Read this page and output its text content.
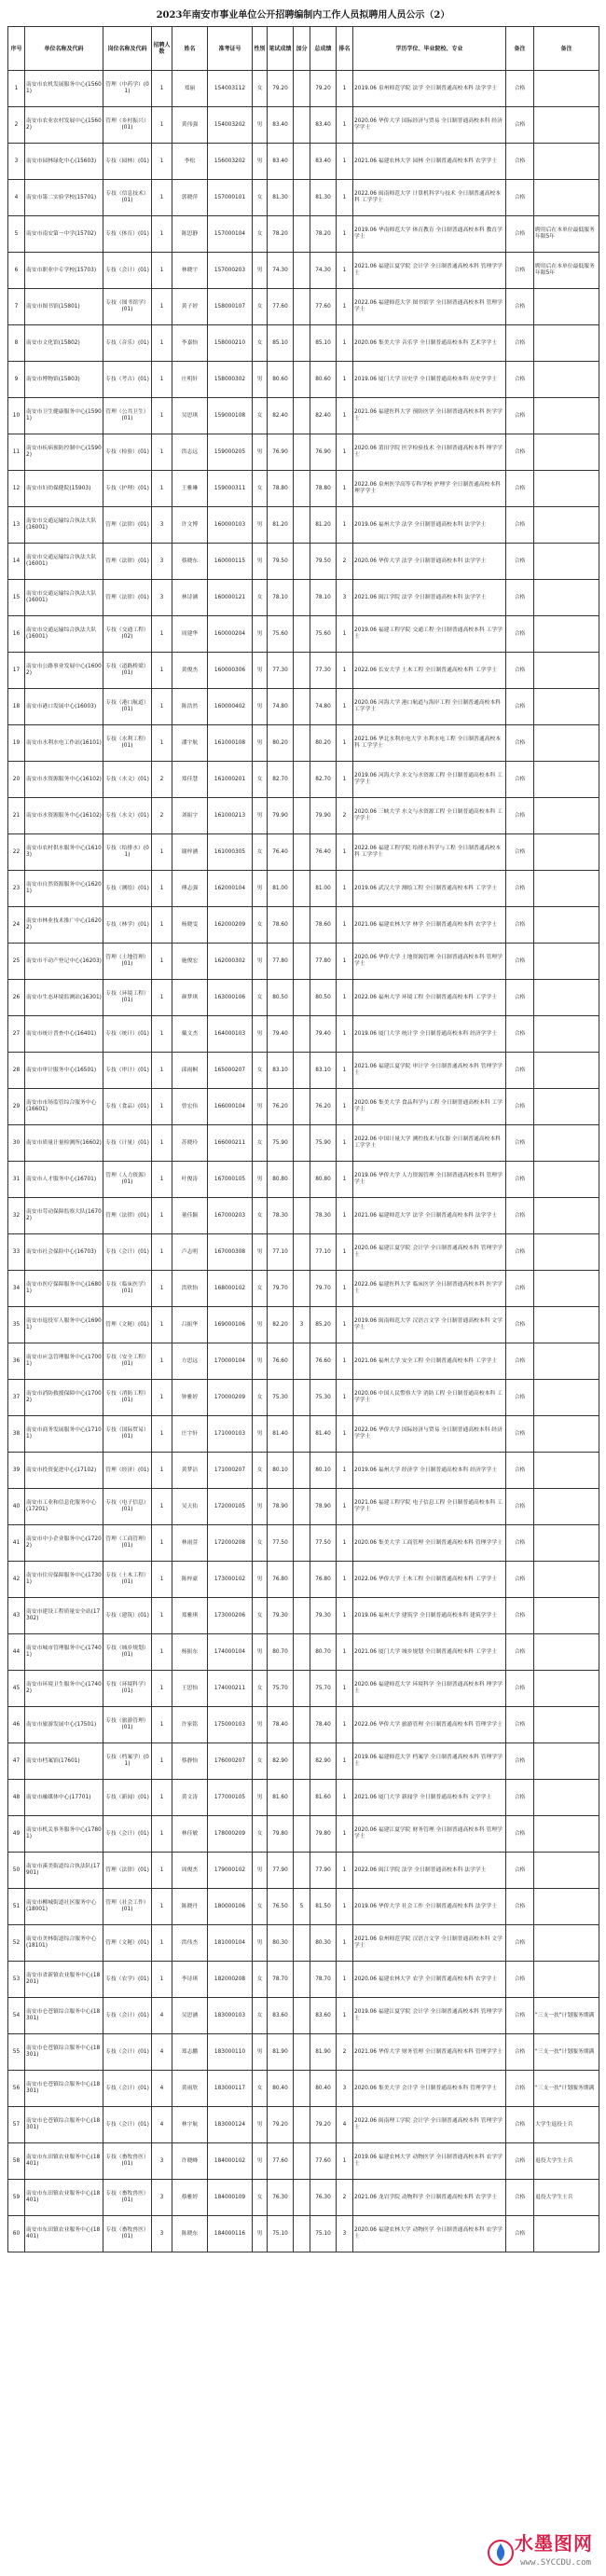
2023年南安市事业单位公开招聘编制内工作人员拟聘用人员公示（2）
序号	单位名称及代码	岗位名称及代码	招聘人数	姓名	准考证号	性别	笔试成绩	加分	总成绩	排名	学历学位、毕业院校、专业	备注	备注
1	南安市农机发展服务中心(15601)	管理（中药学）(01)	1	郑丽	154003112	女	79.20		79.20	1	2019.06 泉州师范学院 法学 全日制普通高校本科 法学学士	合格	
2	南安市农业农村发展中心(15602)	管理（乡村振兴）(01)	1	黄伟强	154003202	男	83.40		83.40	1	2020.06 华侨大学 国际经济与贸易 全日制普通高校本科 经济学学士	合格	
3	南安市园林绿化中心(15603)	专技（园林）(01)	1	李松	156003202	男	83.40		83.40	1	2021.06 福建农林大学 园林 全日制普通高校本科 农学学士	合格	
4	南安市第二实验学校(15701)	专技（信息技术）(01)	1	郭晓萍	157000101	女	81.30		81.30	1	2022.06 闽南师范大学 计算机科学与技术 全日制普通高校本科 工学学士	合格	
5	南安市南安第一中学(15702)	专技（体育）(01)	1	陈思静	157000104	女	78.20		78.20	1	2019.06 华南师范大学 体育教育 全日制普通高校本科 教育学学士	合格	聘用后在本单位最低服务年限5年
6	南安市职业中专学校(15703)	专技（会计）(01)	1	林晓宇	157000203	男	74.30		74.30	1	2021.06 福建江夏学院 会计学 全日制普通高校本科 管理学学士	合格	聘用后在本单位最低服务年限5年
7	南安市图书馆(15801)	专技（图书馆学）(01)	1	黄子婷	158000107	女	77.60		77.60	1	2022.06 福建师范大学 图书馆学 全日制普通高校本科 管理学学士	合格	
8	南安市文化馆(15802)	专技（音乐）(01)	1	李嘉怡	158000210	女	85.10		85.10	1	2020.06 集美大学 音乐学 全日制普通高校本科 艺术学学士	合格	
9	南安市博物馆(15803)	专技（考古）(01)	1	庄明轩	158000302	男	80.60		80.60	1	2019.06 厦门大学 历史学 全日制普通高校本科 历史学学士	合格	
10	南安市卫生健康服务中心(15901)	管理（公共卫生）(01)	1	吴思琪	159000108	女	82.40		82.40	1	2021.06 福建医科大学 预防医学 全日制普通高校本科 医学学士	合格	
11	南安市疾病预防控制中心(15902)	专技（检验）(01)	1	洪志远	159000205	男	76.90		76.90	1	2020.06 莆田学院 医学检验技术 全日制普通高校本科 理学学士	合格	
12	南安市妇幼保健院(15903)	专技（护理）(01)	1	王雅琳	159000311	女	78.80		78.80	1	2022.06 泉州医学高等专科学校 护理学 全日制普通高校本科 理学学士	合格	
13	南安市交通运输综合执法大队(16001)	管理（法律）(01)	3	许文博	160000103	男	81.20		81.20	1	2019.06 福州大学 法学 全日制普通高校本科 法学学士	合格	
14	南安市交通运输综合执法大队(16001)	管理（法律）(01)	3	蔡晓东	160000115	男	79.50		79.50	2	2020.06 华侨大学 法学 全日制普通高校本科 法学学士	合格	
15	南安市交通运输综合执法大队(16001)	管理（法律）(01)	3	林诗涵	160000121	女	78.10		78.10	3	2021.06 闽江学院 法学 全日制普通高校本科 法学学士	合格	
16	南安市交通运输综合执法大队(16001)	专技（交通工程）(02)	1	周建华	160000204	男	75.60		75.60	1	2019.06 福建工程学院 交通工程 全日制普通高校本科 工学学士	合格	
17	南安市公路事业发展中心(16002)	专技（道路桥梁）(01)	1	黄俊杰	160000306	男	77.30		77.30	1	2022.06 长安大学 土木工程 全日制普通高校本科 工学学士	合格	
18	南安市港口发展中心(16003)	专技（港口航道）(01)	1	陈浩然	160000402	男	74.80		74.80	1	2020.06 河海大学 港口航道与海岸工程 全日制普通高校本科 工学学士	合格	
19	南安市水利水电工作站(16101)	专技（水利工程）(01)	1	潘宇航	161000108	男	80.20		80.20	1	2021.06 华北水利水电大学 水利水电工程 全日制普通高校本科 工学学士	合格	
20	南安市水资源服务中心(16102)	专技（水文）(01)	2	郑佳慧	161000201	女	82.70		82.70	1	2019.06 河海大学 水文与水资源工程 全日制普通高校本科 工学学士	合格	
21	南安市水资源服务中心(16102)	专技（水文）(01)	2	刘振宇	161000213	男	79.90		79.90	2	2020.06 三峡大学 水文与水资源工程 全日制普通高校本科 工学学士	合格	
22	南安市农村供水服务中心(16103)	专技（给排水）(01)	1	谢梓涵	161000305	女	76.40		76.40	1	2022.06 福建工程学院 给排水科学与工程 全日制普通高校本科 工学学士	合格	
23	南安市自然资源服务中心(16201)	专技（测绘）(01)	1	傅志强	162000104	男	81.00		81.00	1	2019.06 武汉大学 测绘工程 全日制普通高校本科 工学学士	合格	
24	南安市林业技术推广中心(16202)	专技（林学）(01)	1	杨晓雯	162000209	女	78.60		78.60	1	2021.06 福建农林大学 林学 全日制普通高校本科 农学学士	合格	
25	南安市不动产登记中心(16203)	管理（土地管理）(01)	1	施俊宏	162000302	男	77.80		77.80	1	2020.06 华侨大学 土地资源管理 全日制普通高校本科 管理学学士	合格	
26	南安市生态环境监测站(16301)	专技（环境工程）(01)	1	颜梦琪	163000106	女	80.50		80.50	1	2022.06 福州大学 环境工程 全日制普通高校本科 工学学士	合格	
27	南安市统计普查中心(16401)	专技（统计）(01)	1	戴文杰	164000103	男	79.40		79.40	1	2019.06 厦门大学 统计学 全日制普通高校本科 经济学学士	合格	
28	南安市审计服务中心(16501)	专技（审计）(01)	1	邱雨桐	165000207	女	83.10		83.10	1	2021.06 福建江夏学院 审计学 全日制普通高校本科 管理学学士	合格	
29	南安市市场监管综合服务中心(16601)	专技（食品）(01)	1	曾宏伟	166000104	男	76.20		76.20	1	2020.06 集美大学 食品科学与工程 全日制普通高校本科 工学学士	合格	
30	南安市质量计量检测所(16602)	专技（计量）(01)	1	苏晓玲	166000211	女	75.90		75.90	1	2022.06 中国计量大学 测控技术与仪器 全日制普通高校本科 工学学士	合格	
31	南安市人才服务中心(16701)	管理（人力资源）(01)	1	叶俊涛	167000105	男	80.80		80.80	1	2019.06 华侨大学 人力资源管理 全日制普通高校本科 管理学学士	合格	
32	南安市劳动保障监察大队(16702)	管理（法律）(01)	1	董佳颖	167000203	女	78.30		78.30	1	2021.06 福建师范大学 法学 全日制普通高校本科 法学学士	合格	
33	南安市社会保险中心(16703)	专技（会计）(01)	1	卢志明	167000308	男	77.10		77.10	1	2020.06 福建江夏学院 会计学 全日制普通高校本科 管理学学士	合格	
34	南安市医疗保障服务中心(16801)	专技（临床医学）(01)	1	洪欣怡	168000102	女	79.70		79.70	1	2022.06 福建医科大学 临床医学 全日制普通高校本科 医学学士	合格	
35	南安市退役军人服务中心(16901)	管理（文秘）(01)	1	吕振华	169000106	男	82.20	3	85.20	1	2019.06 闽南师范大学 汉语言文学 全日制普通高校本科 文学学士	合格	
36	南安市应急管理服务中心(17001)	专技（安全工程）(01)	1	方思远	170000104	男	76.60		76.60	1	2021.06 福州大学 安全工程 全日制普通高校本科 工学学士	合格	
37	南安市消防救援保障中心(17002)	专技（消防工程）(01)	1	钟雅婷	170000209	女	75.30		75.30	1	2020.06 中国人民警察大学 消防工程 全日制普通高校本科 工学学士	合格	
38	南安市商务发展服务中心(17101)	专技（国际贸易）(01)	1	庄宇轩	171000103	男	81.40		81.40	1	2022.06 华侨大学 国际经济与贸易 全日制普通高校本科 经济学学士	合格	
39	南安市投资促进中心(17102)	管理（经济）(01)	1	黄梦洁	171000207	女	80.10		80.10	1	2019.06 福州大学 经济学 全日制普通高校本科 经济学学士	合格	
40	南安市工业和信息化服务中心(17201)	专技（电子信息）(01)	1	吴天佑	172000105	男	78.90		78.90	1	2021.06 福建工程学院 电子信息工程 全日制普通高校本科 工学学士	合格	
41	南安市中小企业服务中心(17202)	管理（工商管理）(01)	1	林雨萱	172000208	女	77.50		77.50	1	2020.06 集美大学 工商管理 全日制普通高校本科 管理学学士	合格	
42	南安市住房保障服务中心(17301)	专技（土木工程）(01)	1	陈梓豪	173000102	男	76.80		76.80	1	2022.06 华侨大学 土木工程 全日制普通高校本科 工学学士	合格	
43	南安市建设工程质量安全站(17302)	专技（建筑）(01)	1	郑雅琪	173000206	女	79.30		79.30	1	2019.06 福州大学 建筑学 全日制普通高校本科 建筑学学士	合格	
44	南安市城市管理服务中心(17401)	专技（城乡规划）(01)	1	杨振东	174000104	男	80.70		80.70	1	2021.06 厦门大学 城乡规划 全日制普通高校本科 工学学士	合格	
45	南安市环境卫生服务中心(17402)	专技（环境科学）(01)	1	王思怡	174000211	女	75.70		75.70	1	2020.06 福建师范大学 环境科学 全日制普通高校本科 理学学士	合格	
46	南安市旅游发展中心(17501)	专技（旅游管理）(01)	1	许家铭	175000103	男	78.40		78.40	1	2022.06 华侨大学 旅游管理 全日制普通高校本科 管理学学士	合格	
47	南安市档案馆(17601)	专技（档案学）(01)	1	蔡静怡	176000207	女	82.90		82.90	1	2019.06 福建师范大学 档案学 全日制普通高校本科 管理学学士	合格	
48	南安市融媒体中心(17701)	专技（新闻）(01)	1	黄文涛	177000105	男	81.60		81.60	1	2021.06 厦门大学 新闻学 全日制普通高校本科 文学学士	合格	
49	南安市机关事务服务中心(17801)	专技（会计）(01)	1	林佳敏	178000209	女	79.80		79.80	1	2020.06 福建江夏学院 财务管理 全日制普通高校本科 管理学学士	合格	
50	南安市溪美街道综合执法队(17901)	管理（法律）(01)	1	周俊杰	179000102	男	77.90		77.90	1	2022.06 闽江学院 法学 全日制普通高校本科 法学学士	合格	
51	南安市柳城街道社区服务中心(18001)	管理（社会工作）(01)	1	陈晓丹	180000106	女	76.50	5	81.50	1	2019.06 华侨大学 社会工作 全日制普通高校本科 法学学士	合格	
52	南安市美林街道综合服务中心(18101)	管理（文秘）(01)	1	洪伟杰	181000104	男	80.30		80.30	1	2021.06 泉州师范学院 汉语言文学 全日制普通高校本科 文学学士	合格	
53	南安市省新镇农业服务中心(18201)	专技（农学）(01)	1	李诗琪	182000208	女	78.70		78.70	1	2020.06 福建农林大学 农学 全日制普通高校本科 农学学士	合格	
54	南安市仑苍镇综合服务中心(18301)	专技（会计）(01)	4	吴思涵	183000103	女	83.60		83.60	1	2019.06 福建江夏学院 会计学 全日制普通高校本科 管理学学士	合格	"三支一扶"计划服务期满
55	南安市仑苍镇综合服务中心(18301)	专技（会计）(01)	4	郑志鹏	183000110	男	81.90		81.90	2	2021.06 华侨大学 财务管理 全日制普通高校本科 管理学学士	合格	"三支一扶"计划服务期满
56	南安市仑苍镇综合服务中心(18301)	专技（会计）(01)	4	黄雨欣	183000117	女	80.40		80.40	3	2020.06 集美大学 会计学 全日制普通高校本科 管理学学士	合格	"三支一扶"计划服务期满
57	南安市仑苍镇综合服务中心(18301)	专技（会计）(01)	4	林宇航	183000124	男	79.20		79.20	4	2022.06 闽南理工学院 会计学 全日制普通高校本科 管理学学士	合格	大学生退役士兵
58	南安市东田镇农业服务中心(18401)	专技（畜牧兽医）(01)	3	许晓峰	184000102	男	77.60		77.60	1	2019.06 福建农林大学 动物医学 全日制普通高校本科 农学学士	合格	退役大学生士兵
59	南安市东田镇农业服务中心(18401)	专技（畜牧兽医）(01)	3	蔡雅婷	184000109	女	76.30		76.30	2	2021.06 龙岩学院 动物科学 全日制普通高校本科 农学学士	合格	退役大学生士兵
60	南安市东田镇农业服务中心(18401)	专技（畜牧兽医）(01)	3	陈晓东	184000116	男	75.10		75.10	3	2020.06 福建农林大学 动物医学 全日制普通高校本科 农学学士	合格	
水墨图网
www.SYCCDU.com
